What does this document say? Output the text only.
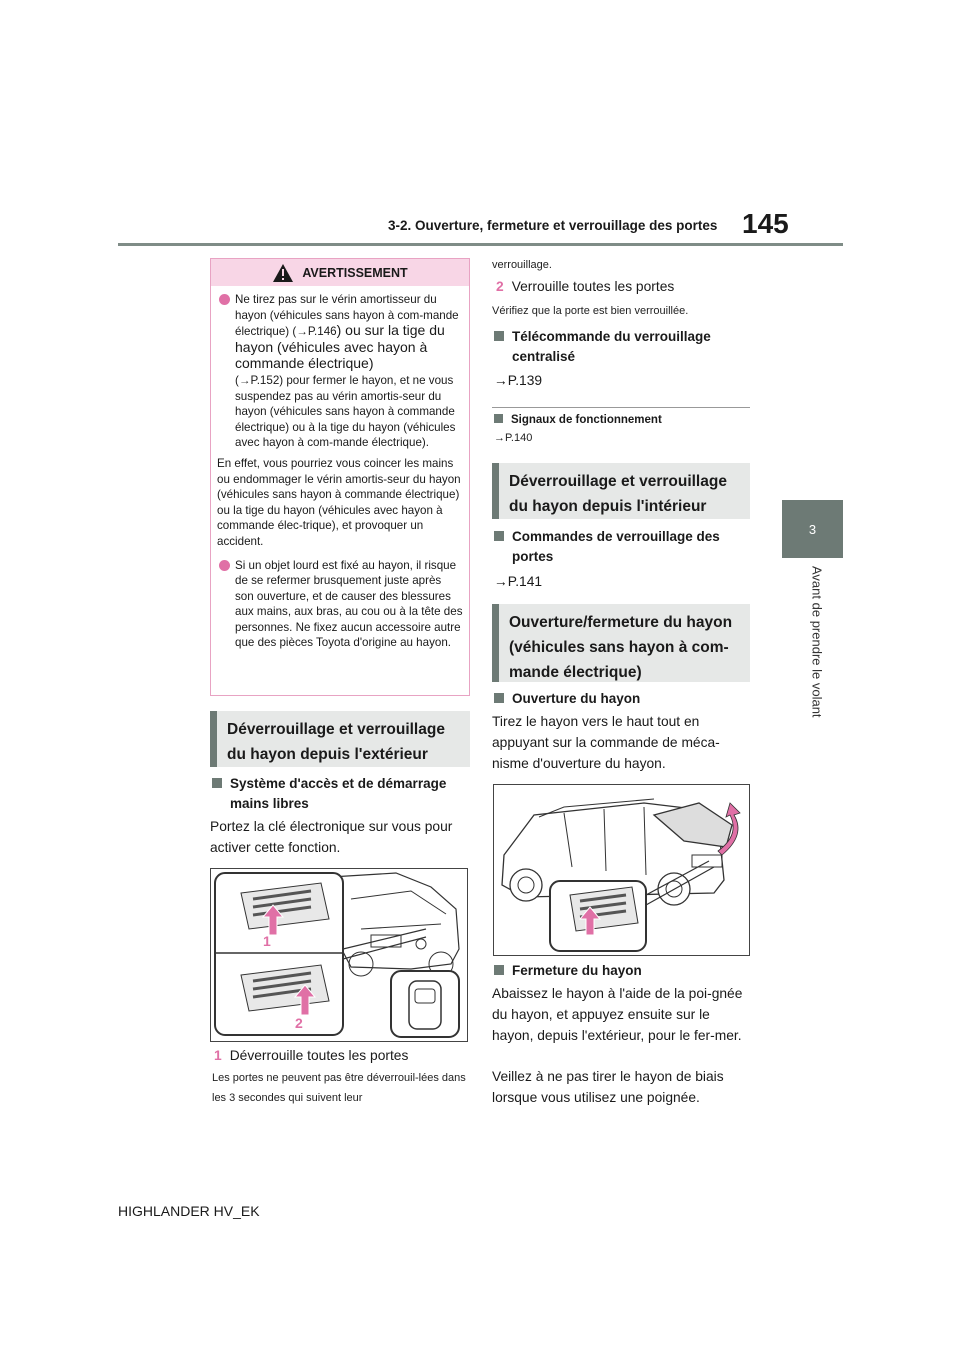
3-2. Ouverture, fermeture et verrouillage des portes 145
3
Avant de prendre le volant
AVERTISSEMENT
Ne tirez pas sur le vérin amortisseur du hayon (véhicules sans hayon à com-mande électrique) (→P.146) ou sur la tige du hayon (véhicules avec hayon à commande électrique)
(→P.152) pour fermer le hayon, et ne vous suspendez pas au vérin amortis-seur du hayon (véhicules sans hayon à commande électrique) ou à la tige du hayon (véhicules avec hayon à com-mande électrique).

En effet, vous pourriez vous coincer les mains ou endommager le vérin amortis-seur du hayon (véhicules sans hayon à commande électrique) ou la tige du hayon (véhicules avec hayon à commande élec-trique), et provoquer un accident.

Si un objet lourd est fixé au hayon, il risque de se refermer brusquement juste après son ouverture, et de causer des blessures aux mains, aux bras, au cou ou à la tête des personnes. Ne fixez aucun accessoire autre que des pièces Toyota d'origine au hayon.
Déverrouillage et verrouillage du hayon depuis l'extérieur
Système d'accès et de démarrage
mains libres
Portez la clé électronique sur vous pour activer cette fonction.
1
2
1 Déverrouille toutes les portes
Les portes ne peuvent pas être déverrouil-lées dans les 3 secondes qui suivent leur
verrouillage.
2 Verrouille toutes les portes
Vérifiez que la porte est bien verrouillée.
Télécommande du verrouillage
centralisé
→P.139
Signaux de fonctionnement
→P.140
Déverrouillage et verrouillage du hayon depuis l'intérieur
Commandes de verrouillage des
portes
→P.141
Ouverture/fermeture du hayon (véhicules sans hayon à com-mande électrique)
Ouverture du hayon
Tirez le hayon vers le haut tout en appuyant sur la commande de méca-nisme d'ouverture du hayon.
Fermeture du hayon
Abaissez le hayon à l'aide de la poi-gnée du hayon, et appuyez ensuite sur le hayon, depuis l'extérieur, pour le fer-mer.
Veillez à ne pas tirer le hayon de biais lorsque vous utilisez une poignée.
HIGHLANDER HV_EK
